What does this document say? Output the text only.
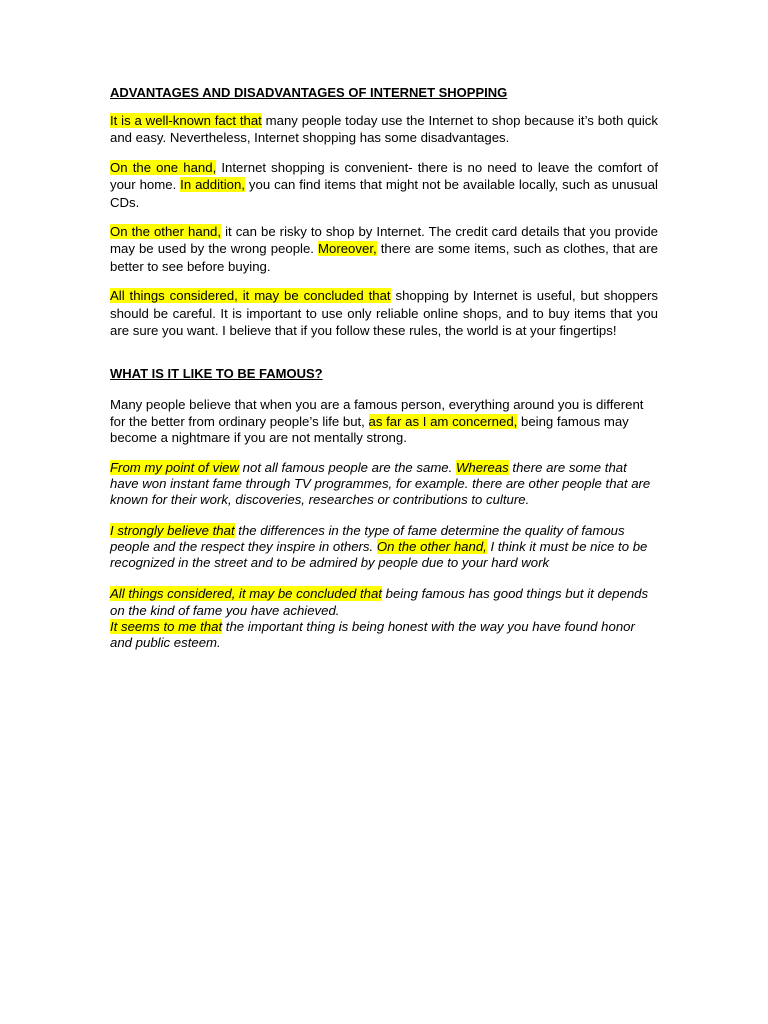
ADVANTAGES AND DISADVANTAGES OF INTERNET SHOPPING

It is a well-known fact that many people today use the Internet to shop because it’s both quick and easy. Nevertheless, Internet shopping has some disadvantages.

On the one hand, Internet shopping is convenient- there is no need to leave the comfort of your home. In addition, you can find items that might not be available locally, such as unusual CDs.

On the other hand, it can be risky to shop by Internet. The credit card details that you provide may be used by the wrong people. Moreover, there are some items, such as clothes, that are better to see before buying.

All things considered, it may be concluded that shopping by Internet is useful, but shoppers should be careful. It is important to use only reliable online shops, and to buy items that you are sure you want. I believe that if you follow these rules, the world is at your fingertips!

WHAT IS IT LIKE TO BE FAMOUS?

Many people believe that when you are a famous person, everything around you is different for the better from ordinary people’s life but, as far as I am concerned, being famous may become a nightmare if you are not mentally strong.

From my point of view not all famous people are the same. Whereas there are some that have won instant fame through TV programmes, for example. there are other people that are known for their work, discoveries, researches or contributions to culture.

I strongly believe that the differences in the type of fame determine the quality of famous people and the respect they inspire in others. On the other hand, I think it must be nice to be recognized in the street and to be admired by people due to your hard work

All things considered, it may be concluded that being famous has good things but it depends on the kind of fame you have achieved.
It seems to me that the important thing is being honest with the way you have found honor and public esteem.
